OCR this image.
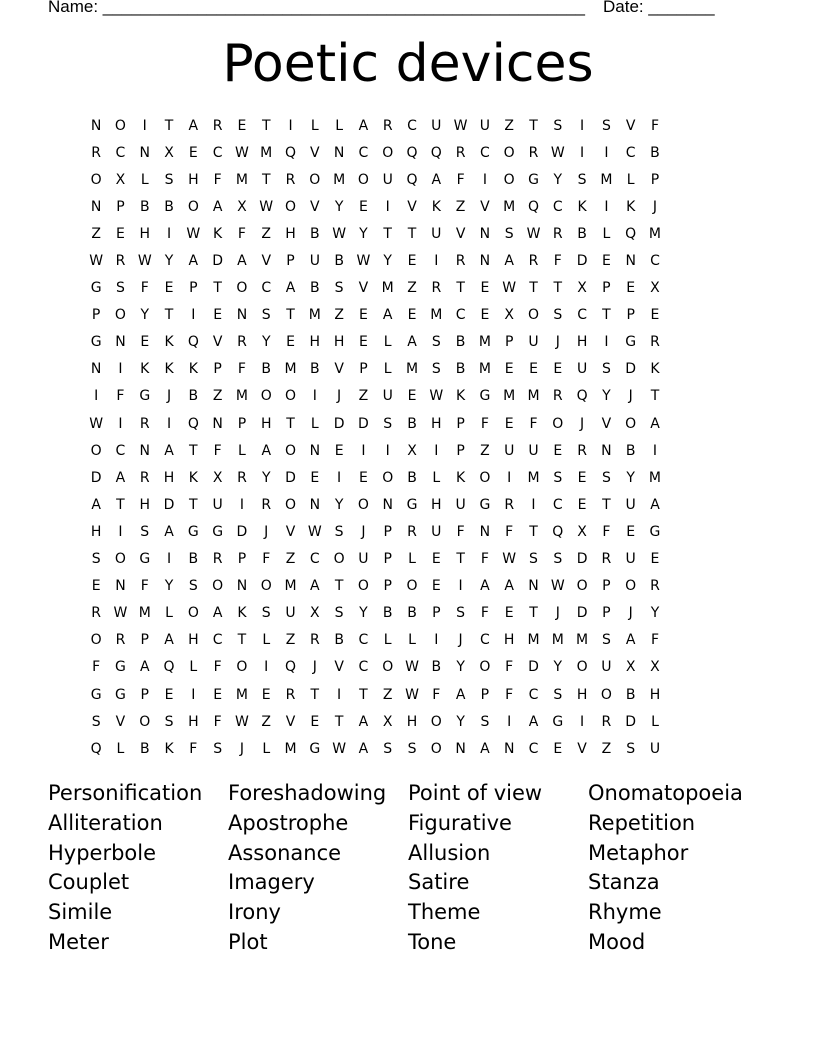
Name: ___________________________________________________ Date: _______
Poetic devices
N O	I	T	A	R	E	T	I	L	L	A	R	C	U W U	Z	T	S	I	S	V	F
R	C	N	X	E	C W M Q	V	N	C O Q Q R	C O R W	I	I	C	B
O X	L	S	H	F	M T	R O M O U Q	A	F	I	O G	Y	S M	L	P
N	P	B	B O	A	X W O	V	Y	E	I	V	K	Z	V M Q C	K	I	K	J
Z	E	H	I	W K	F	Z	H	B W Y	T	T	U	V	N	S W R	B	L	Q M
W R W Y	A	D	A	V	P	U	B W Y	E	I	R	N	A	R	F	D	E	N	C
G	S	F	E	P	T	O C	A	B	S	V M Z	R	T	E W T	T	X	P	E	X
P	O	Y	T	I	E	N	S	T M Z	E	A	E M C	E	X O	S	C	T	P	E
G N	E	K	Q	V	R	Y	E	H H	E	L	A	S	B M	P	U	J	H	I	G	R
N	I	K	K	K	P	F	B M B	V	P	L	M S	B M E	E	E	U	S	D	K
I	F	G	J	B	Z M O O	I	J	Z	U	E W K	G M M R Q	Y	J	T
W	I	R	I	Q N	P	H	T	L	D D	S	B	H	P	F	E	F	O	J	V O	A
O C	N	A	T	F	L	A O N	E	I	I	X	I	P	Z	U	U	E	R	N	B	I
D	A	R	H	K	X	R	Y	D	E	I	E	O B	L	K	O	I	M S	E	S	Y M
A	T	H D	T	U	I	R O N	Y	O N G H U G	R	I	C	E	T	U	A
H	I	S	A	G G D	J	V W S	J	P	R	U	F	N	F	T	Q X	F	E	G
S	O G	I	B	R	P	F	Z	C O U	P	L	E	T	F W S	S	D	R	U	E
E	N	F	Y	S	O N O M A	T	O	P	O	E	I	A	A	N W O	P	O R
R W M	L	O	A	K	S	U	X	S	Y	B	B	P	S	F	E	T	J	D	P	J	Y
O R	P	A	H	C	T	L	Z	R	B	C	L	L	I	J	C	H M M M S	A	F
F	G	A Q	L	F	O	I	Q	J	V	C O W B	Y	O	F	D	Y	O U	X	X
G G	P	E	I	E M E	R	T	I	T	Z W F	A	P	F	C	S	H O B	H
S	V O	S	H	F W Z	V	E	T	A	X	H O	Y	S	I	A	G	I	R	D	L
Q	L	B	K	F	S	J	L	M G W A	S	S	O N	A	N	C	E	V	Z	S	U
Personification	Foreshadowing	Point of view	Onomatopoeia
Alliteration	Apostrophe	Figurative	Repetition
Hyperbole	Assonance	Allusion	Metaphor
Couplet	Imagery	Satire	Stanza
Simile	Irony	Theme	Rhyme
Meter	Plot	Tone	Mood
